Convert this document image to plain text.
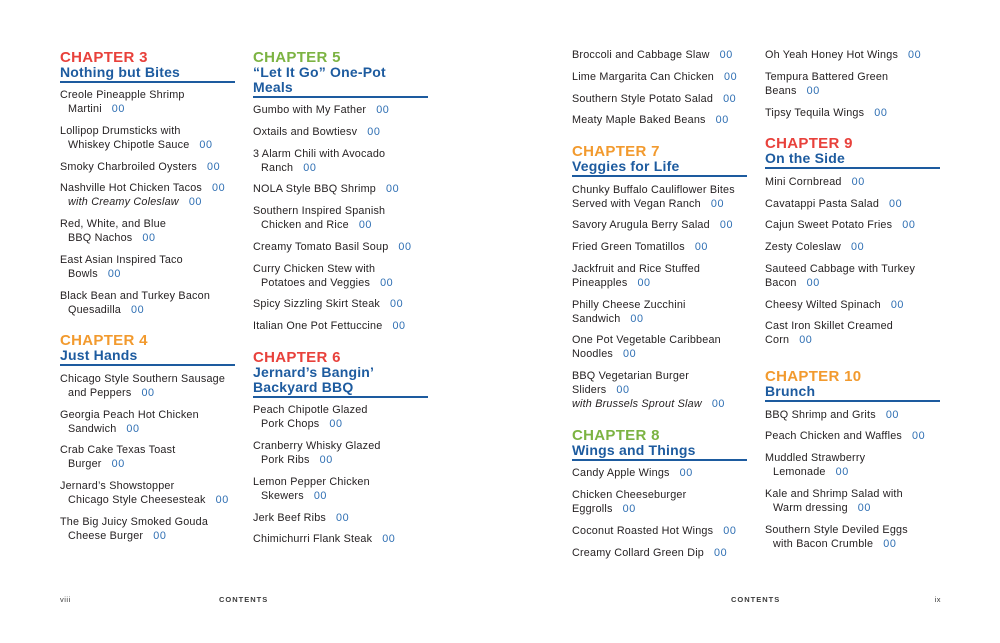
CHAPTER 3
Nothing but Bites
Creole Pineapple Shrimp
Martini 00
Lollipop Drumsticks with
Whiskey Chipotle Sauce 00
Smoky Charbroiled Oysters 00
Nashville Hot Chicken Tacos 00
with Creamy Coleslaw 00
Red, White, and Blue
BBQ Nachos 00
East Asian Inspired Taco
Bowls 00
Black Bean and Turkey Bacon
Quesadilla 00
CHAPTER 4
Just Hands
Chicago Style Southern Sausage
and Peppers 00
Georgia Peach Hot Chicken
Sandwich 00
Crab Cake Texas Toast
Burger 00
Jernard’s Showstopper
Chicago Style Cheesesteak 00
The Big Juicy Smoked Gouda
Cheese Burger 00
CHAPTER 5
“Let It Go” One-Pot
Meals
Gumbo with My Father 00
Oxtails and Bowtiesv 00
3 Alarm Chili with Avocado
Ranch 00
NOLA Style BBQ Shrimp 00
Southern Inspired Spanish
Chicken and Rice 00
Creamy Tomato Basil Soup 00
Curry Chicken Stew with
Potatoes and Veggies 00
Spicy Sizzling Skirt Steak 00
Italian One Pot Fettuccine 00
CHAPTER 6
Jernard’s Bangin’
Backyard BBQ
Peach Chipotle Glazed
Pork Chops 00
Cranberry Whisky Glazed
Pork Ribs 00
Lemon Pepper Chicken
Skewers 00
Jerk Beef Ribs 00
Chimichurri Flank Steak 00
viii	CONTENTS
Broccoli and Cabbage Slaw 00
Lime Margarita Can Chicken 00
Southern Style Potato Salad 00
Meaty Maple Baked Beans 00
CHAPTER 7
Veggies for Life
Chunky Buffalo Cauliflower Bites
Served with Vegan Ranch 00
Savory Arugula Berry Salad 00
Fried Green Tomatillos 00
Jackfruit and Rice Stuffed
Pineapples 00
Philly Cheese Zucchini
Sandwich 00
One Pot Vegetable Caribbean
Noodles 00
BBQ Vegetarian Burger
Sliders 00
with Brussels Sprout Slaw 00
CHAPTER 8
Wings and Things
Candy Apple Wings 00
Chicken Cheeseburger
Eggrolls 00
Coconut Roasted Hot Wings 00
Creamy Collard Green Dip 00
Oh Yeah Honey Hot Wings 00
Tempura Battered Green
Beans 00
Tipsy Tequila Wings 00
CHAPTER 9
On the Side
Mini Cornbread 00
Cavatappi Pasta Salad 00
Cajun Sweet Potato Fries 00
Zesty Coleslaw 00
Sauteed Cabbage with Turkey
Bacon 00
Cheesy Wilted Spinach 00
Cast Iron Skillet Creamed
Corn 00
CHAPTER 10
Brunch
BBQ Shrimp and Grits 00
Peach Chicken and Waffles 00
Muddled Strawberry
Lemonade 00
Kale and Shrimp Salad with
Warm dressing 00
Southern Style Deviled Eggs
with Bacon Crumble 00
CONTENTS	ix
